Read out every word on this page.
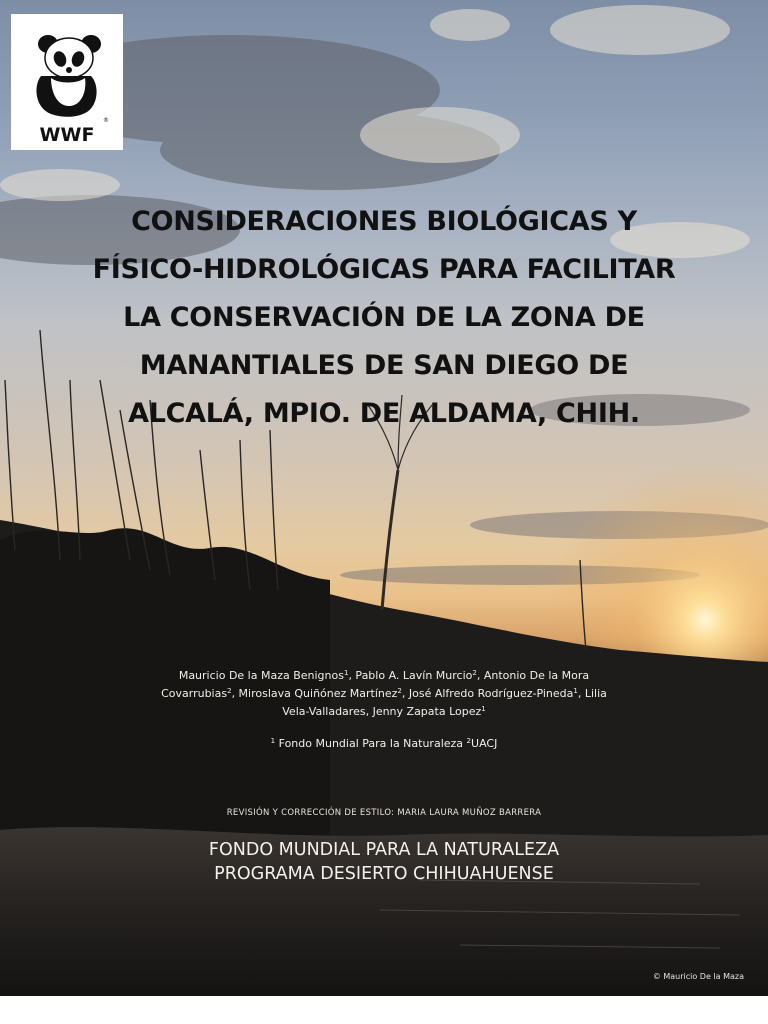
WWF
®
CONSIDERACIONES BIOLÓGICAS Y
FÍSICO-HIDROLÓGICAS PARA FACILITAR
LA CONSERVACIÓN DE LA ZONA DE
MANANTIALES DE SAN DIEGO DE
ALCALÁ, MPIO. DE ALDAMA, CHIH.
Mauricio De la Maza Benignos$^1$, Pablo A. Lavín Murcio$^2$, Antonio De la Mora
Covarrubias$^2$, Miroslava Quiñónez Martínez$^2$, José Alfredo Rodríguez-Pineda$^1$, Lilia
Vela-Valladares, Jenny Zapata Lopez$^1$
$^1$ Fondo Mundial Para la Naturaleza $^2$UACJ
REVISIÓN Y CORRECCIÓN DE ESTILO: MARIA LAURA MUÑOZ BARRERA
FONDO MUNDIAL PARA LA NATURALEZA
PROGRAMA DESIERTO CHIHUAHUENSE
© Mauricio De la Maza
